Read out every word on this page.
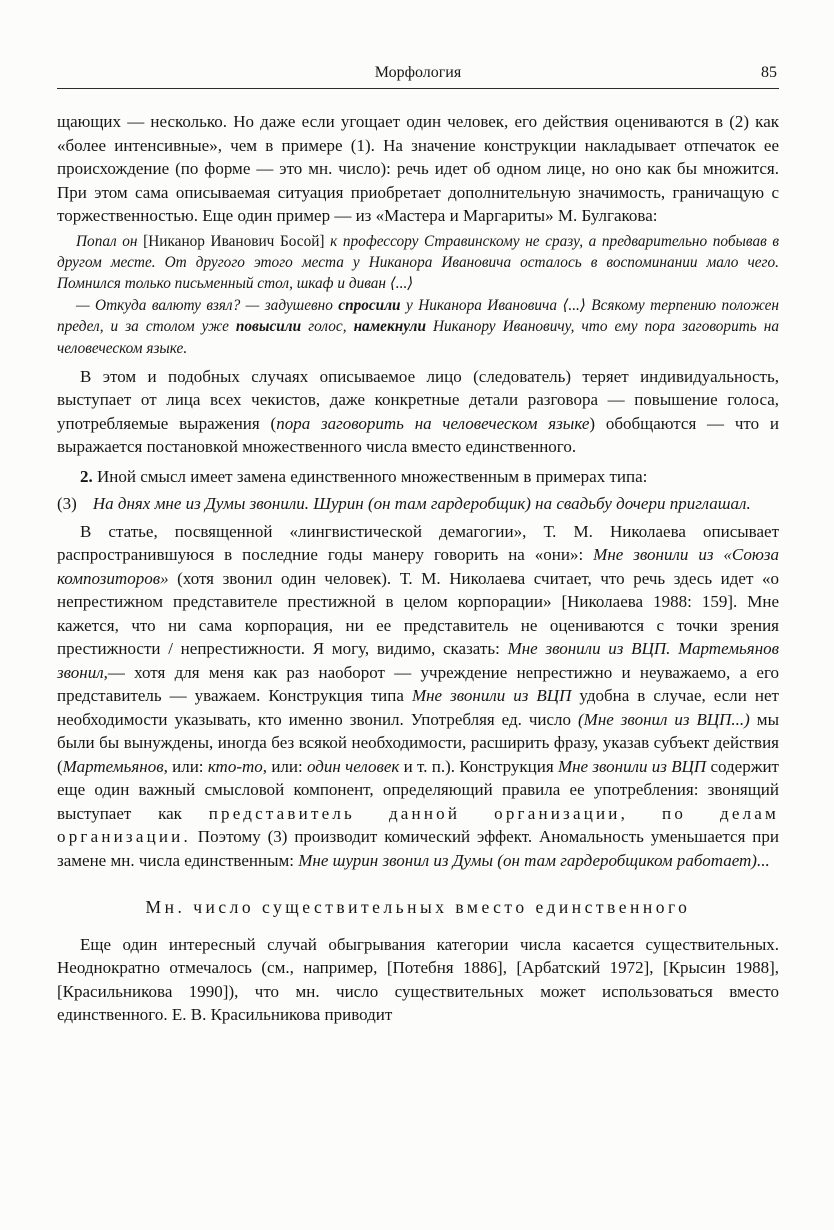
Морфология	85

щающих — несколько. Но даже если угощает один человек, его действия оцениваются в (2) как «более интенсивные», чем в примере (1). На значение конструкции накладывает отпечаток ее происхождение (по форме — это мн. число): речь идет об одном лице, но оно как бы множится. При этом сама описываемая ситуация приобретает дополнительную значимость, граничащую с торжественностью. Еще один пример — из «Мастера и Маргариты» М. Булгакова:

Попал он [Никанор Иванович Босой] к профессору Стравинскому не сразу, а предварительно побывав в другом месте. От другого этого места у Никанора Ивановича осталось в воспоминании мало чего. Помнился только письменный стол, шкаф и диван ⟨...⟩

— Откуда валюту взял? — задушевно спросили у Никанора Ивановича ⟨...⟩ Всякому терпению положен предел, и за столом уже повысили голос, намекнули Никанору Ивановичу, что ему пора заговорить на человеческом языке.

В этом и подобных случаях описываемое лицо (следователь) теряет индивидуальность, выступает от лица всех чекистов, даже конкретные детали разговора — повышение голоса, употребляемые выражения (пора заговорить на человеческом языке) обобщаются — что и выражается постановкой множественного числа вместо единственного.

2. Иной смысл имеет замена единственного множественным в примерах типа:

(3) На днях мне из Думы звонили. Шурин (он там гардеробщик) на свадьбу дочери приглашал.

В статье, посвященной «лингвистической демагогии», Т. М. Николаева описывает распространившуюся в последние годы манеру говорить на «они»: Мне звонили из «Союза композиторов» (хотя звонил один человек). Т. М. Николаева считает, что речь здесь идет «о непрестижном представителе престижной в целом корпорации» [Николаева 1988: 159]. Мне кажется, что ни сама корпорация, ни ее представитель не оцениваются с точки зрения престижности / непрестижности. Я могу, видимо, сказать: Мне звонили из ВЦП. Мартемьянов звонил,— хотя для меня как раз наоборот — учреждение непрестижно и неуважаемо, а его представитель — уважаем. Конструкция типа Мне звонили из ВЦП удобна в случае, если нет необходимости указывать, кто именно звонил. Употребляя ед. число (Мне звонил из ВЦП...) мы были бы вынуждены, иногда без всякой необходимости, расширить фразу, указав субъект действия (Мартемьянов, или: кто-то, или: один человек и т. п.). Конструкция Мне звонили из ВЦП содержит еще один важный смысловой компонент, определяющий правила ее употребления: звонящий выступает как представитель данной организации, по делам организации. Поэтому (3) производит комический эффект. Аномальность уменьшается при замене мн. числа единственным: Мне шурин звонил из Думы (он там гардеробщиком работает)...

Мн. число существительных вместо единственного

Еще один интересный случай обыгрывания категории числа касается существительных. Неоднократно отмечалось (см., например, [Потебня 1886], [Арбатский 1972], [Крысин 1988], [Красильникова 1990]), что мн. число существительных может использоваться вместо единственного. Е. В. Красильникова приводит
